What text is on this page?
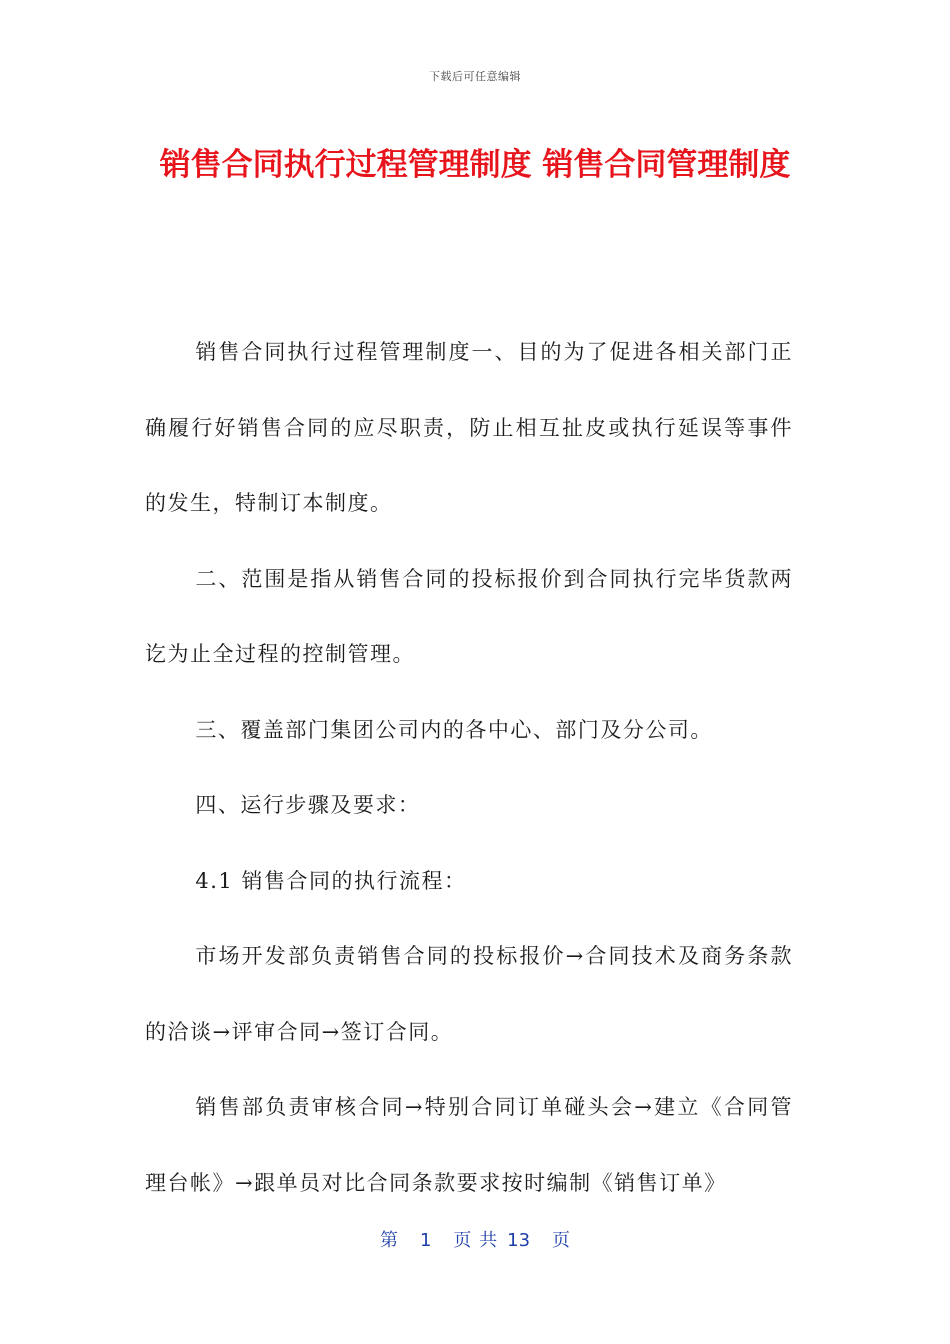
下载后可任意编辑
销售合同执行过程管理制度 销售合同管理制度

销售合同执行过程管理制度一、目的为了促进各相关部门正确履行好销售合同的应尽职责，防止相互扯皮或执行延误等事件的发生，特制订本制度。

二、范围是指从销售合同的投标报价到合同执行完毕货款两讫为止全过程的控制管理。

三、覆盖部门集团公司内的各中心、部门及分公司。

四、运行步骤及要求：

4.1 销售合同的执行流程：

市场开发部负责销售合同的投标报价→合同技术及商务条款的洽谈→评审合同→签订合同。

销售部负责审核合同→特别合同订单碰头会→建立《合同管理台帐》→跟单员对比合同条款要求按时编制《销售订单》

第 1 页 共 13 页
